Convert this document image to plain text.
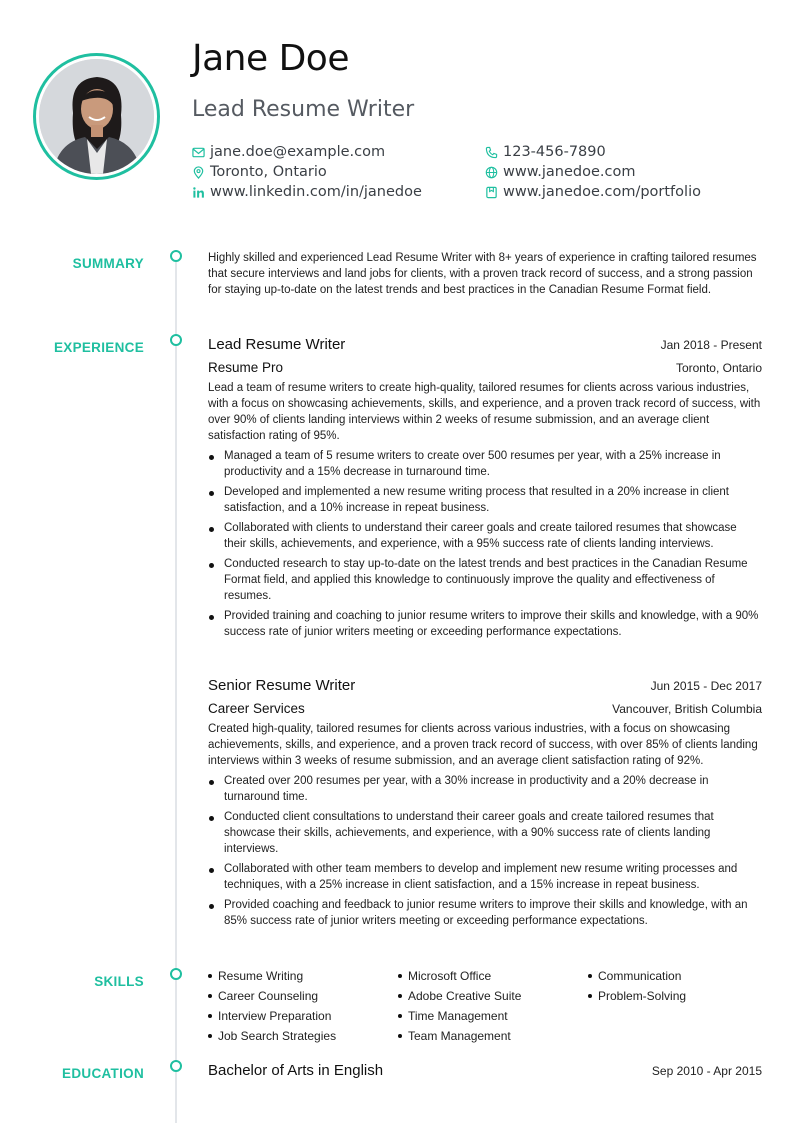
Jane Doe
Lead Resume Writer
jane.doe@example.com	123-456-7890
Toronto, Ontario	www.janedoe.com
www.linkedin.com/in/janedoe	www.janedoe.com/portfolio
SUMMARY
EXPERIENCE
SKILLS
EDUCATION

Highly skilled and experienced Lead Resume Writer with 8+ years of experience in crafting tailored resumes that secure interviews and land jobs for clients, with a proven track record of success, and a strong passion for staying up-to-date on the latest trends and best practices in the Canadian Resume Format field.

Lead Resume Writer	Jan 2018 - Present
Resume Pro	Toronto, Ontario

Lead a team of resume writers to create high-quality, tailored resumes for clients across various industries, with a focus on showcasing achievements, skills, and experience, and a proven track record of success, with over 90% of clients landing interviews within 2 weeks of resume submission, and an average client satisfaction rating of 95%.

Managed a team of 5 resume writers to create over 500 resumes per year, with a 25% increase in productivity and a 15% decrease in turnaround time.
Developed and implemented a new resume writing process that resulted in a 20% increase in client satisfaction, and a 10% increase in repeat business.
Collaborated with clients to understand their career goals and create tailored resumes that showcase their skills, achievements, and experience, with a 95% success rate of clients landing interviews.
Conducted research to stay up-to-date on the latest trends and best practices in the Canadian Resume Format field, and applied this knowledge to continuously improve the quality and effectiveness of resumes.
Provided training and coaching to junior resume writers to improve their skills and knowledge, with a 90% success rate of junior writers meeting or exceeding performance expectations.
Senior Resume Writer	Jun 2015 - Dec 2017
Career Services	Vancouver, British Columbia

Created high-quality, tailored resumes for clients across various industries, with a focus on showcasing achievements, skills, and experience, and a proven track record of success, with over 85% of clients landing interviews within 3 weeks of resume submission, and an average client satisfaction rating of 92%.

Created over 200 resumes per year, with a 30% increase in productivity and a 20% decrease in turnaround time.
Conducted client consultations to understand their career goals and create tailored resumes that showcase their skills, achievements, and experience, with a 90% success rate of clients landing interviews.
Collaborated with other team members to develop and implement new resume writing processes and techniques, with a 25% increase in client satisfaction, and a 15% increase in repeat business.
Provided coaching and feedback to junior resume writers to improve their skills and knowledge, with an 85% success rate of junior writers meeting or exceeding performance expectations.
Resume Writing	Microsoft Office	Communication
Career Counseling	Adobe Creative Suite	Problem-Solving
Interview Preparation	Time Management
Job Search Strategies	Team Management
Bachelor of Arts in English	Sep 2010 - Apr 2015
